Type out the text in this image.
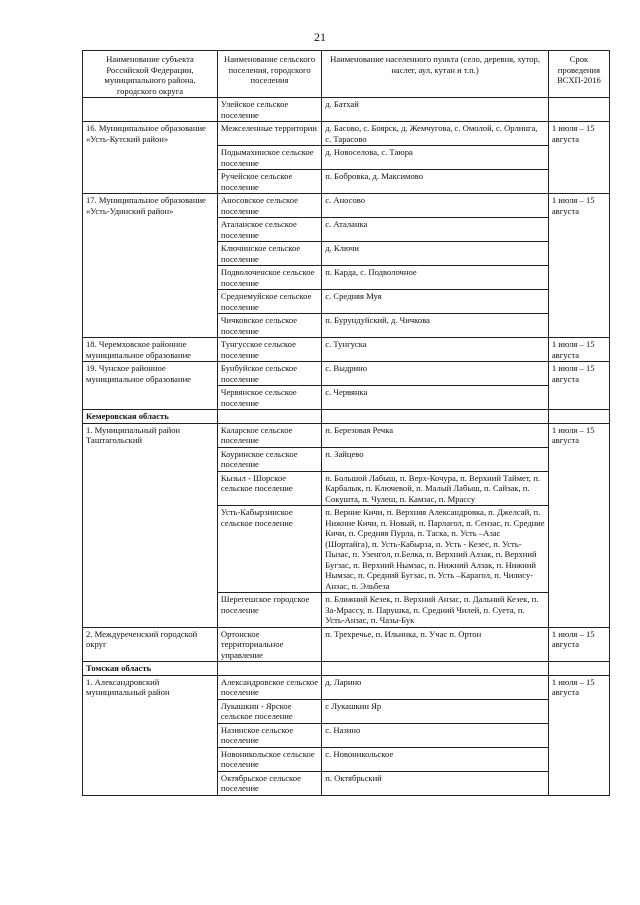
21
Наименование субъекта Российской Федерации, муниципального района, городского округа	Наименование сельского поселения, городского поселения	Наименование населенного пункта (село, деревня, хутор, наслег, аул, кутан и т.п.)	Срок проведения ВСХП-2016
	Улейское сельское поселение	д. Батхай	
16. Муниципальное образование «Усть-Кутский район»	Межселенные территории	д. Басово, с. Боярск, д. Жемчугова, с. Омолой, с. Орлинга, с. Тарасово	1 июля – 15 августа
	Подымахинское сельское поселение	д. Новоселова, с. Таюра	
	Ручейское сельское поселение	п. Бобровка, д. Максимово	
17. Муниципальное образование «Усть-Удинский район»	Аносовское сельское поселение	с. Аносово	1 июля – 15 августа
	Аталанское сельское поселение	с. Аталанка	
	Ключинское сельское поселение	д. Ключи	
	Подволоченское сельское поселение	п. Карда, с. Подволочное	
	Среднемуйское сельское поселение	с. Средняя Муя	
	Чичковское сельское поселение	п. Бурундуйский, д. Чичкова	
18. Черемховское районное муниципальное образование	Тунгусское сельское поселение	с. Тунгуска	1 июля – 15 августа
19. Чунское районное муниципальное образование	Бунбуйское сельское поселение	с. Выдрино	1 июля – 15 августа
	Червянское сельское поселение	с. Червянка	
Кемеровская область			
1. Муниципальный район Таштагольский	Каларское сельское поселение	п. Березовая Речка	1 июля – 15 августа
	Коуринское сельское поселение	п. Зайцево	
	Кызыл - Шорское сельское поселение	п. Большой Лабыш, п. Верх-Кочура, п. Верхний Таймет, п. Карбалык, п. Ключевой, п. Малый Лабыш, п. Сайзак, п. Сокушта, п. Чулеш, п. Камзас, п. Мрассу	
	Усть-Кабырзинское сельское поселение	п. Верние Кичи, п. Верхняя Александровка, п. Джелсай, п. Нижние Кичи, п. Новый, п. Парлагол, п. Сензас, п. Средние Кичи, п. Средняя Пурла, п. Таска, п. Усть –Азас (Шортайга), п. Усть-Кабырза, п. Усть - Кезес, п. Усть-Пызас, п. Узенгол, п.Белка, п. Верхний Алзак, п. Верхний Бугзас, п. Верхний Нымзас, п. Нижний Алзак, п. Нижний Нымзас, п. Средний Бугзас, п. Усть –Карагол, п. Чилису-Анзас, п. Эльбеза	
	Шерегешское городское поселение	п. Ближний Кезек, п. Верхний Анзас, п. Дальний Кезек, п. За-Мрассу, п. Парушка, п. Средний Чилей, п. Суета, п. Усть-Анзас, п. Чазы-Бук	
2. Междуреченский городской округ	Ортонское территориальное управление	п. Трехречье, п. Ильинка, п. Учас п. Ортон	1 июля – 15 августа
Томская область			
1. Александровский муниципальный район	Александровское сельское поселение	д. Ларино	1 июля – 15 августа
	Лукашкин - Ярское сельское поселение	с Лукашкин Яр	
	Назинское сельское поселение	с. Назино	
	Новоникольское сельское поселение	с. Новоникольское	
	Октябрьское сельское поселение	п. Октябрьский	
